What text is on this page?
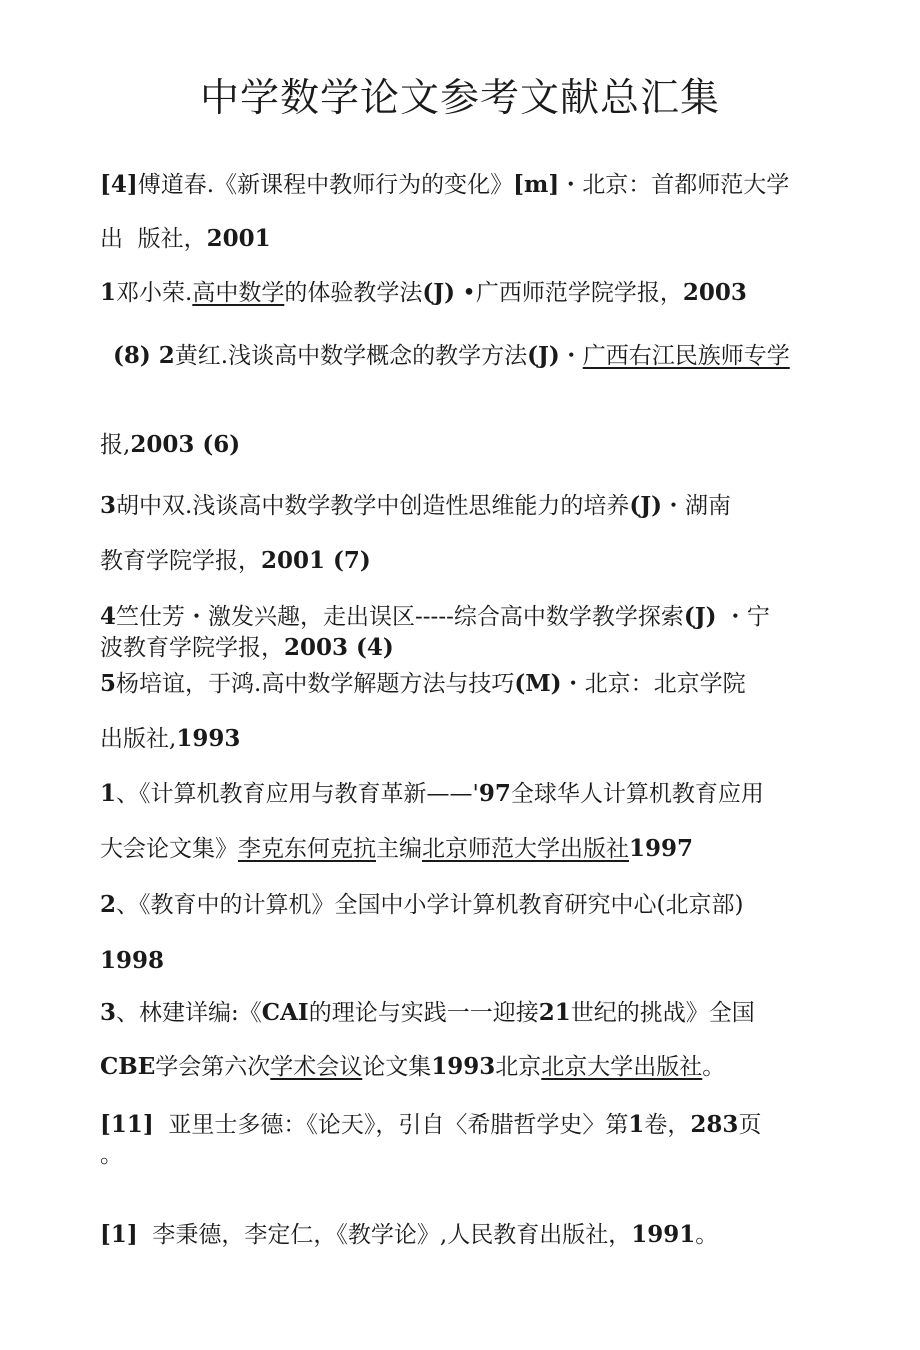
中学数学论文参考文献总汇集

[4]傅道春.《新课程中教师行为的变化》[m]・北京：首都师范大学

出  版社，2001

1邓小荣.高中数学的体验教学法(J) •广西师范学院学报，2003

(8) 2黄红.浅谈高中数学概念的教学方法(J)・广西右江民族师专学

报,2003 (6)

3胡中双.浅谈高中数学教学中创造性思维能力的培养(J)・湖南

教育学院学报，2001 (7)

4竺仕芳・激发兴趣，走出误区-----综合高中数学教学探索(J) ・宁

波教育学院学报，2003 (4)

5杨培谊，于鸿.高中数学解题方法与技巧(M)・北京：北京学院

出版社,1993

1、《计算机教育应用与教育革新——'97全球华人计算机教育应用

大会论文集》李克东何克抗主编北京师范大学出版社1997

2、《教育中的计算机》全国中小学计算机教育研究中心(北京部)

1998

3、林建详编:《CAI的理论与实践一一迎接21世纪的挑战》全国

CBE学会第六次学术会议论文集1993北京北京大学出版社。

[11]  亚里士多德：《论天》，引自〈希腊哲学史〉第1卷，283页

。

[1]  李秉德，李定仁，《教学论》,人民教育出版社，1991。
